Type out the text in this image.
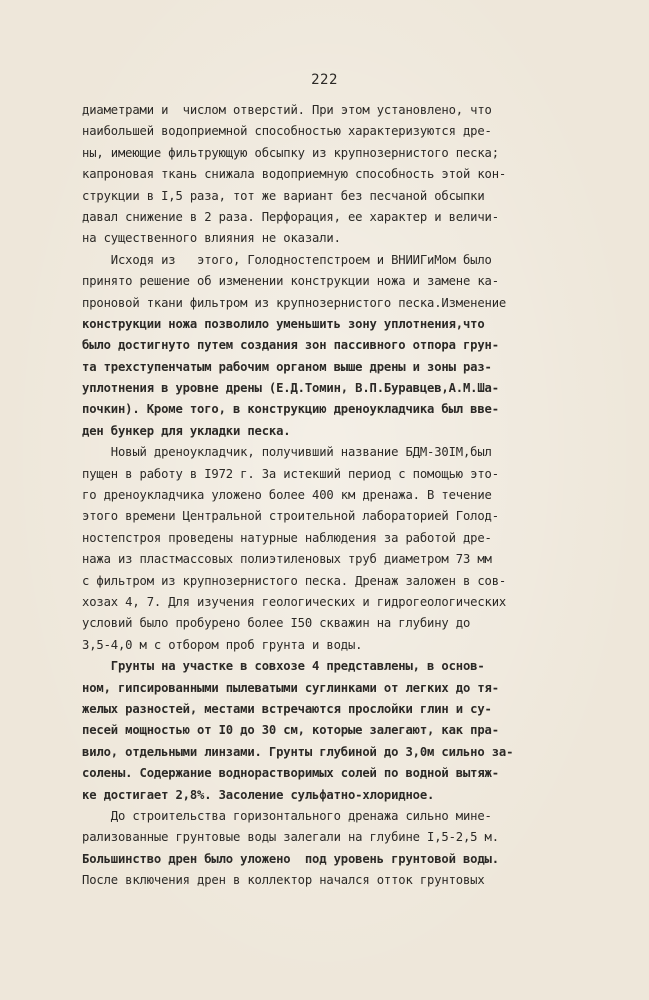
222
диаметрами и  числом отверстий. При этом установлено, что
наибольшей водоприемной способностью характеризуются дре-
ны, имеющие фильтрующую обсыпку из крупнозернистого песка;
капроновая ткань снижала водоприемную способность этой кон-
струкции в I,5 раза, тот же вариант без песчаной обсыпки
давал снижение в 2 раза. Перфорация, ее характер и величи-
на существенного влияния не оказали.
Исходя из   этого, Голодностепстроем и ВНИИГиМом было
принято решение об изменении конструкции ножа и замене ка-
проновой ткани фильтром из крупнозернистого песка.Изменение
конструкции ножа позволило уменьшить зону уплотнения,что
было достигнуто путем создания зон пассивного отпора грун-
та трехступенчатым рабочим органом выше дрены и зоны раз-
уплотнения в уровне дрены (Е.Д.Томин, В.П.Буравцев,А.М.Ша-
почкин). Кроме того, в конструкцию дреноукладчика был вве-
ден бункер для укладки песка.
Новый дреноукладчик, получивший название БДМ-30IМ,был
пущен в работу в I972 г. За истекший период с помощью это-
го дреноукладчика уложено более 400 км дренажа. В течение
этого времени Центральной строительной лабораторией Голод-
ностепстроя проведены натурные наблюдения за работой дре-
нажа из пластмассовых полиэтиленовых труб диаметром 73 мм
с фильтром из крупнозернистого песка. Дренаж заложен в сов-
хозах 4, 7. Для изучения геологических и гидрогеологических
условий было пробурено более I50 скважин на глубину до
3,5-4,0 м с отбором проб грунта и воды.
Грунты на участке в совхозе 4 представлены, в основ-
ном, гипсированными пылеватыми суглинками от легких до тя-
желых разностей, местами встречаются прослойки глин и су-
песей мощностью от I0 до 30 см, которые залегают, как пра-
вило, отдельными линзами. Грунты глубиной до 3,0м сильно за-
солены. Содержание воднорастворимых солей по водной вытяж-
ке достигает 2,8%. Засоление сульфатно-хлоридное.
До строительства горизонтального дренажа сильно мине-
рализованные грунтовые воды залегали на глубине I,5-2,5 м.
Большинство дрен было уложено  под уровень грунтовой воды.
После включения дрен в коллектор начался отток грунтовых
